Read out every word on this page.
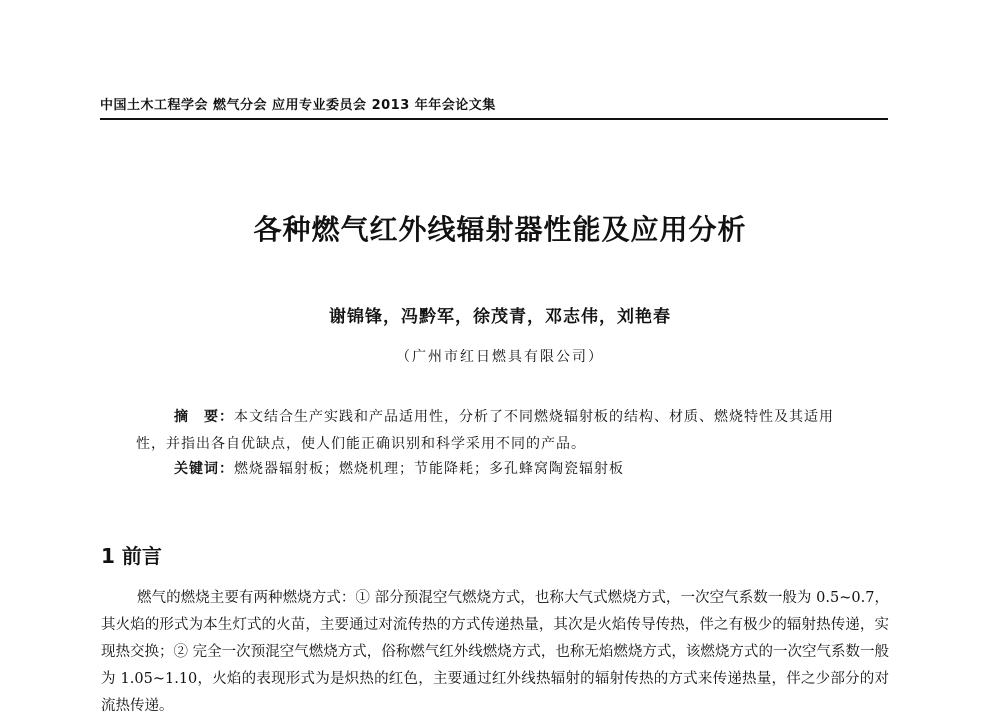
中国土木工程学会 燃气分会 应用专业委员会 2013 年年会论文集
各种燃气红外线辐射器性能及应用分析
谢锦锋，冯黔军，徐茂青，邓志伟，刘艳春
（广州市红日燃具有限公司）
摘　要：本文结合生产实践和产品适用性，分析了不同燃烧辐射板的结构、材质、燃烧特性及其适用性，并指出各自优缺点，使人们能正确识别和科学采用不同的产品。
关键词：燃烧器辐射板；燃烧机理；节能降耗；多孔蜂窝陶瓷辐射板
1 前言
燃气的燃烧主要有两种燃烧方式：① 部分预混空气燃烧方式，也称大气式燃烧方式，一次空气系数一般为 0.5~0.7，其火焰的形式为本生灯式的火苗，主要通过对流传热的方式传递热量，其次是火焰传导传热，伴之有极少的辐射热传递，实现热交换；② 完全一次预混空气燃烧方式，俗称燃气红外线燃烧方式，也称无焰燃烧方式，该燃烧方式的一次空气系数一般为 1.05~1.10，火焰的表现形式为是炽热的红色，主要通过红外线热辐射的辐射传热的方式来传递热量，伴之少部分的对流热传递。
